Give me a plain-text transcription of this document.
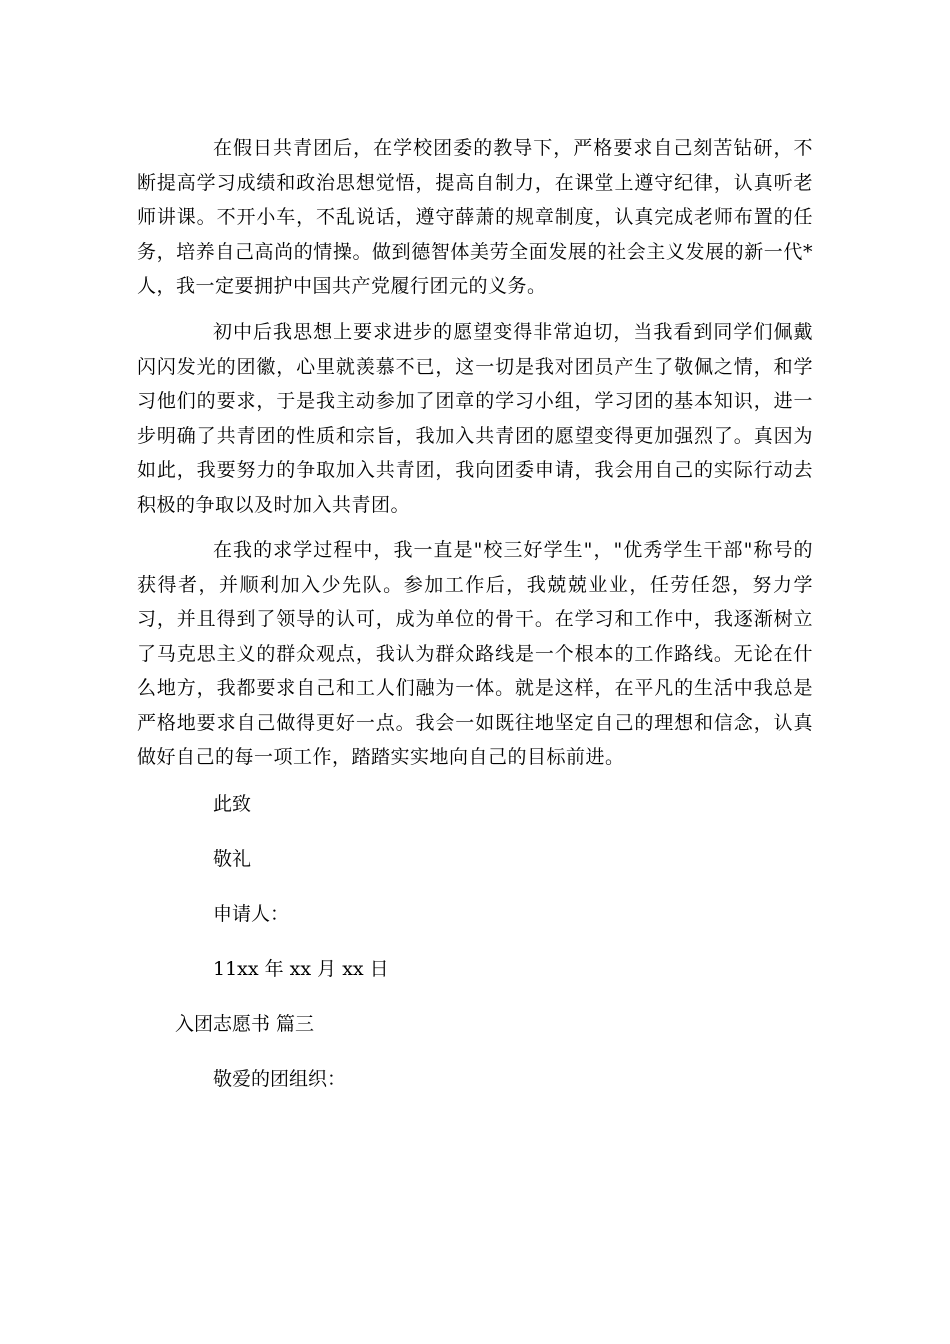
在假日共青团后，在学校团委的教导下，严格要求自己刻苦钻研，不断提高学习成绩和政治思想觉悟，提高自制力，在课堂上遵守纪律，认真听老师讲课。不开小车，不乱说话，遵守薛萧的规章制度，认真完成老师布置的任务，培养自己高尚的情操。做到德智体美劳全面发展的社会主义发展的新一代*人，我一定要拥护中国共产党履行团元的义务。

初中后我思想上要求进步的愿望变得非常迫切，当我看到同学们佩戴闪闪发光的团徽，心里就羡慕不已，这一切是我对团员产生了敬佩之情，和学习他们的要求，于是我主动参加了团章的学习小组，学习团的基本知识，进一步明确了共青团的性质和宗旨，我加入共青团的愿望变得更加强烈了。真因为如此，我要努力的争取加入共青团，我向团委申请，我会用自己的实际行动去积极的争取以及时加入共青团。

在我的求学过程中，我一直是"校三好学生"，"优秀学生干部"称号的获得者，并顺利加入少先队。参加工作后，我兢兢业业，任劳任怨，努力学习，并且得到了领导的认可，成为单位的骨干。在学习和工作中，我逐渐树立了马克思主义的群众观点，我认为群众路线是一个根本的工作路线。无论在什么地方，我都要求自己和工人们融为一体。就是这样，在平凡的生活中我总是严格地要求自己做得更好一点。我会一如既往地坚定自己的理想和信念，认真做好自己的每一项工作，踏踏实实地向自己的目标前进。

此致

敬礼

申请人：

11xx 年 xx 月 xx 日

入团志愿书 篇三

敬爱的团组织：
